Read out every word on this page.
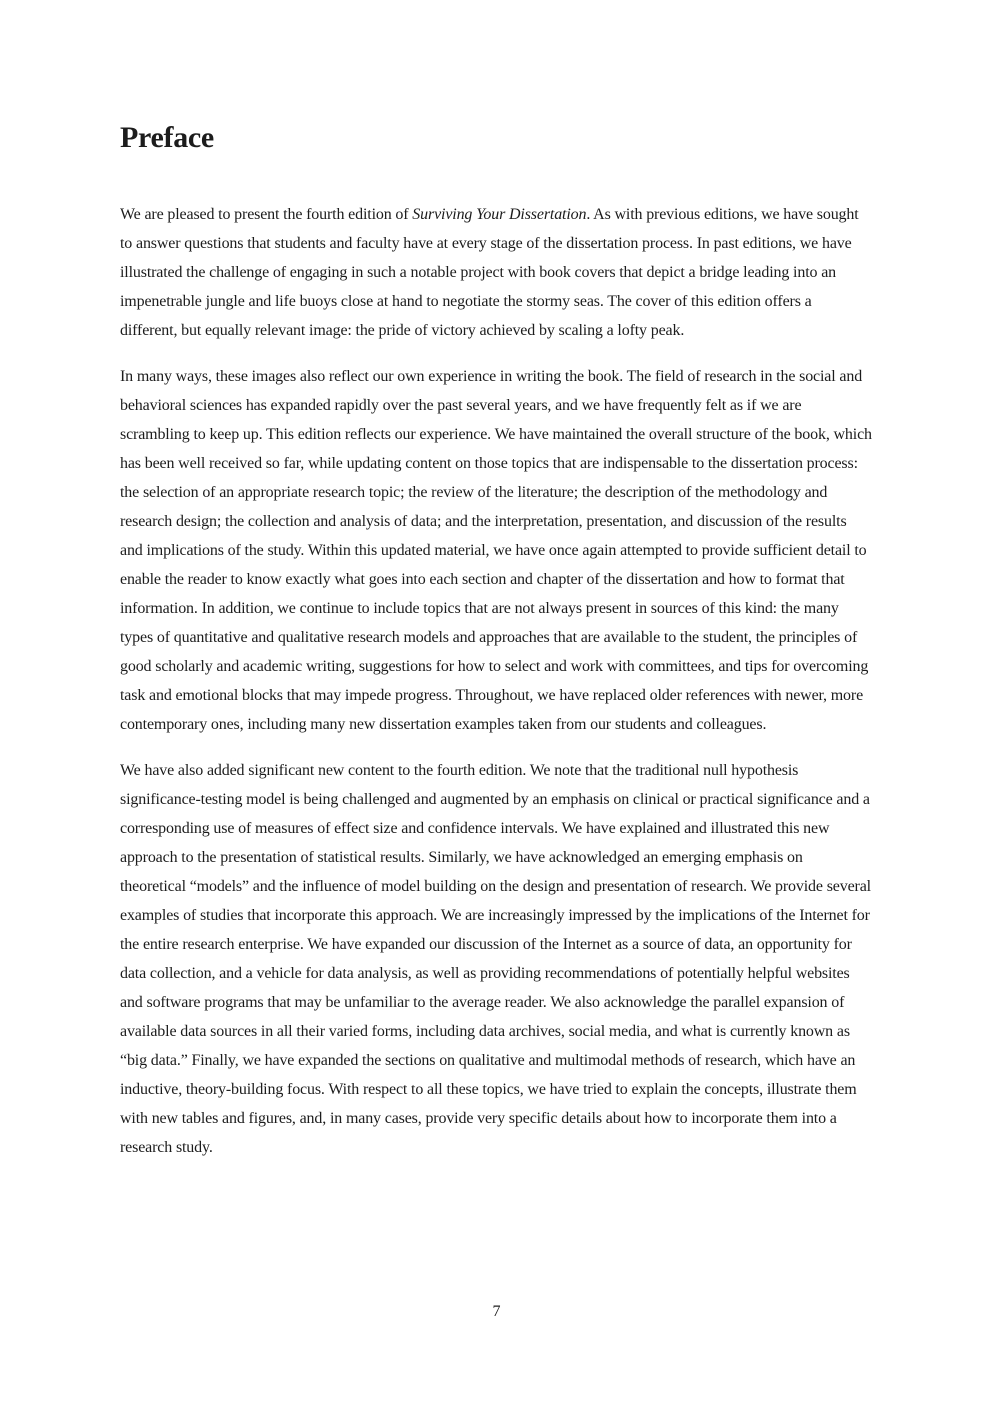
Preface

We are pleased to present the fourth edition of Surviving Your Dissertation. As with previous editions, we have sought to answer questions that students and faculty have at every stage of the dissertation process. In past editions, we have illustrated the challenge of engaging in such a notable project with book covers that depict a bridge leading into an impenetrable jungle and life buoys close at hand to negotiate the stormy seas. The cover of this edition offers a different, but equally relevant image: the pride of victory achieved by scaling a lofty peak.

In many ways, these images also reflect our own experience in writing the book. The field of research in the social and behavioral sciences has expanded rapidly over the past several years, and we have frequently felt as if we are scrambling to keep up. This edition reflects our experience. We have maintained the overall structure of the book, which has been well received so far, while updating content on those topics that are indispensable to the dissertation process: the selection of an appropriate research topic; the review of the literature; the description of the methodology and research design; the collection and analysis of data; and the interpretation, presentation, and discussion of the results and implications of the study. Within this updated material, we have once again attempted to provide sufficient detail to enable the reader to know exactly what goes into each section and chapter of the dissertation and how to format that information. In addition, we continue to include topics that are not always present in sources of this kind: the many types of quantitative and qualitative research models and approaches that are available to the student, the principles of good scholarly and academic writing, suggestions for how to select and work with committees, and tips for overcoming task and emotional blocks that may impede progress. Throughout, we have replaced older references with newer, more contemporary ones, including many new dissertation examples taken from our students and colleagues.

We have also added significant new content to the fourth edition. We note that the traditional null hypothesis significance-testing model is being challenged and augmented by an emphasis on clinical or practical significance and a corresponding use of measures of effect size and confidence intervals. We have explained and illustrated this new approach to the presentation of statistical results. Similarly, we have acknowledged an emerging emphasis on theoretical “models” and the influence of model building on the design and presentation of research. We provide several examples of studies that incorporate this approach. We are increasingly impressed by the implications of the Internet for the entire research enterprise. We have expanded our discussion of the Internet as a source of data, an opportunity for data collection, and a vehicle for data analysis, as well as providing recommendations of potentially helpful websites and software programs that may be unfamiliar to the average reader. We also acknowledge the parallel expansion of available data sources in all their varied forms, including data archives, social media, and what is currently known as “big data.” Finally, we have expanded the sections on qualitative and multimodal methods of research, which have an inductive, theory-building focus. With respect to all these topics, we have tried to explain the concepts, illustrate them with new tables and figures, and, in many cases, provide very specific details about how to incorporate them into a research study.

7
